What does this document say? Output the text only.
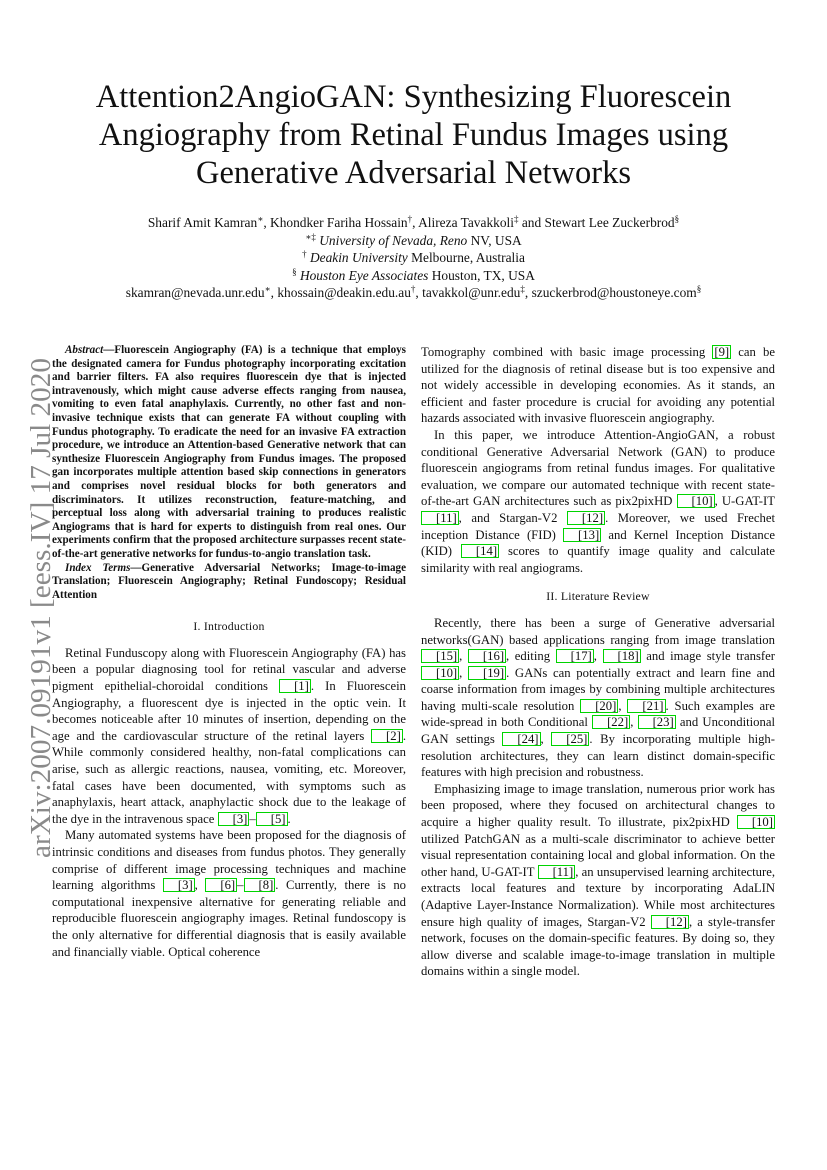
arXiv:2007.09191v1 [eess.IV] 17 Jul 2020
Attention2AngioGAN: Synthesizing Fluorescein
Angiography from Retinal Fundus Images using
Generative Adversarial Networks
Sharif Amit Kamran∗, Khondker Fariha Hossain†, Alireza Tavakkoli‡ and Stewart Lee Zuckerbrod§
∗‡ University of Nevada, Reno NV, USA
† Deakin University Melbourne, Australia
§ Houston Eye Associates Houston, TX, USA
skamran@nevada.unr.edu∗, khossain@deakin.edu.au†, tavakkol@unr.edu‡, szuckerbrod@houstoneye.com§

Abstract—Fluorescein Angiography (FA) is a technique that employs the designated camera for Fundus photography incorporating excitation and barrier filters. FA also requires fluorescein dye that is injected intravenously, which might cause adverse effects ranging from nausea, vomiting to even fatal anaphylaxis. Currently, no other fast and non-invasive technique exists that can generate FA without coupling with Fundus photography. To eradicate the need for an invasive FA extraction procedure, we introduce an Attention-based Generative network that can synthesize Fluorescein Angiography from Fundus images. The proposed gan incorporates multiple attention based skip connections in generators and comprises novel residual blocks for both generators and discriminators. It utilizes reconstruction, feature-matching, and perceptual loss along with adversarial training to produces realistic Angiograms that is hard for experts to distinguish from real ones. Our experiments confirm that the proposed architecture surpasses recent state-of-the-art generative networks for fundus-to-angio translation task.

Index Terms—Generative Adversarial Networks; Image-to-image Translation; Fluorescein Angiography; Retinal Fundoscopy; Residual Attention

I. Introduction

Retinal Funduscopy along with Fluorescein Angiography (FA) has been a popular diagnosing tool for retinal vascular and adverse pigment epithelial-choroidal conditions [1] . In Fluorescein Angiography, a fluorescent dye is injected in the optic vein. It becomes noticeable after 10 minutes of insertion, depending on the age and the cardiovascular structure of the retinal layers [2] . While commonly considered healthy, non-fatal complications can arise, such as allergic reactions, nausea, vomiting, etc. Moreover, fatal cases have been documented, with symptoms such as anaphylaxis, heart attack, anaphylactic shock due to the leakage of the dye in the intravenous space [3] – [5] .

Many automated systems have been proposed for the diagnosis of intrinsic conditions and diseases from fundus photos. They generally comprise of different image processing techniques and machine learning algorithms [3] , [6] – [8] . Currently, there is no computational inexpensive alternative for generating reliable and reproducible fluorescein angiography images. Retinal fundoscopy is the only alternative for differential diagnosis that is easily available and financially viable. Optical coherence

Tomography combined with basic image processing [9] can be utilized for the diagnosis of retinal disease but is too expensive and not widely accessible in developing economies. As it stands, an efficient and faster procedure is crucial for avoiding any potential hazards associated with invasive fluorescein angiography.

In this paper, we introduce Attention-AngioGAN, a robust conditional Generative Adversarial Network (GAN) to produce fluorescein angiograms from retinal fundus images. For qualitative evaluation, we compare our automated technique with recent state-of-the-art GAN architectures such as pix2pixHD [10] , U-GAT-IT [11] , and Stargan-V2 [12] . Moreover, we used Frechet inception Distance (FID) [13] and Kernel Inception Distance (KID) [14] scores to quantify image quality and calculate similarity with real angiograms.

II. Literature Review

Recently, there has been a surge of Generative adversarial networks(GAN) based applications ranging from image translation [15] , [16] , editing [17] , [18] and image style transfer [10] , [19] . GANs can potentially extract and learn fine and coarse information from images by combining multiple architectures having multi-scale resolution [20] , [21] . Such examples are wide-spread in both Conditional [22] , [23] and Unconditional GAN settings [24] , [25] . By incorporating multiple high-resolution architectures, they can learn distinct domain-specific features with high precision and robustness.

Emphasizing image to image translation, numerous prior work has been proposed, where they focused on architectural changes to acquire a higher quality result. To illustrate, pix2pixHD [10] utilized PatchGAN as a multi-scale discriminator to achieve better visual representation containing local and global information. On the other hand, U-GAT-IT [11] , an unsupervised learning architecture, extracts local features and texture by incorporating AdaLIN (Adaptive Layer-Instance Normalization). While most architectures ensure high quality of images, Stargan-V2 [12] , a style-transfer network, focuses on the domain-specific features. By doing so, they allow diverse and scalable image-to-image translation in multiple domains within a single model.
